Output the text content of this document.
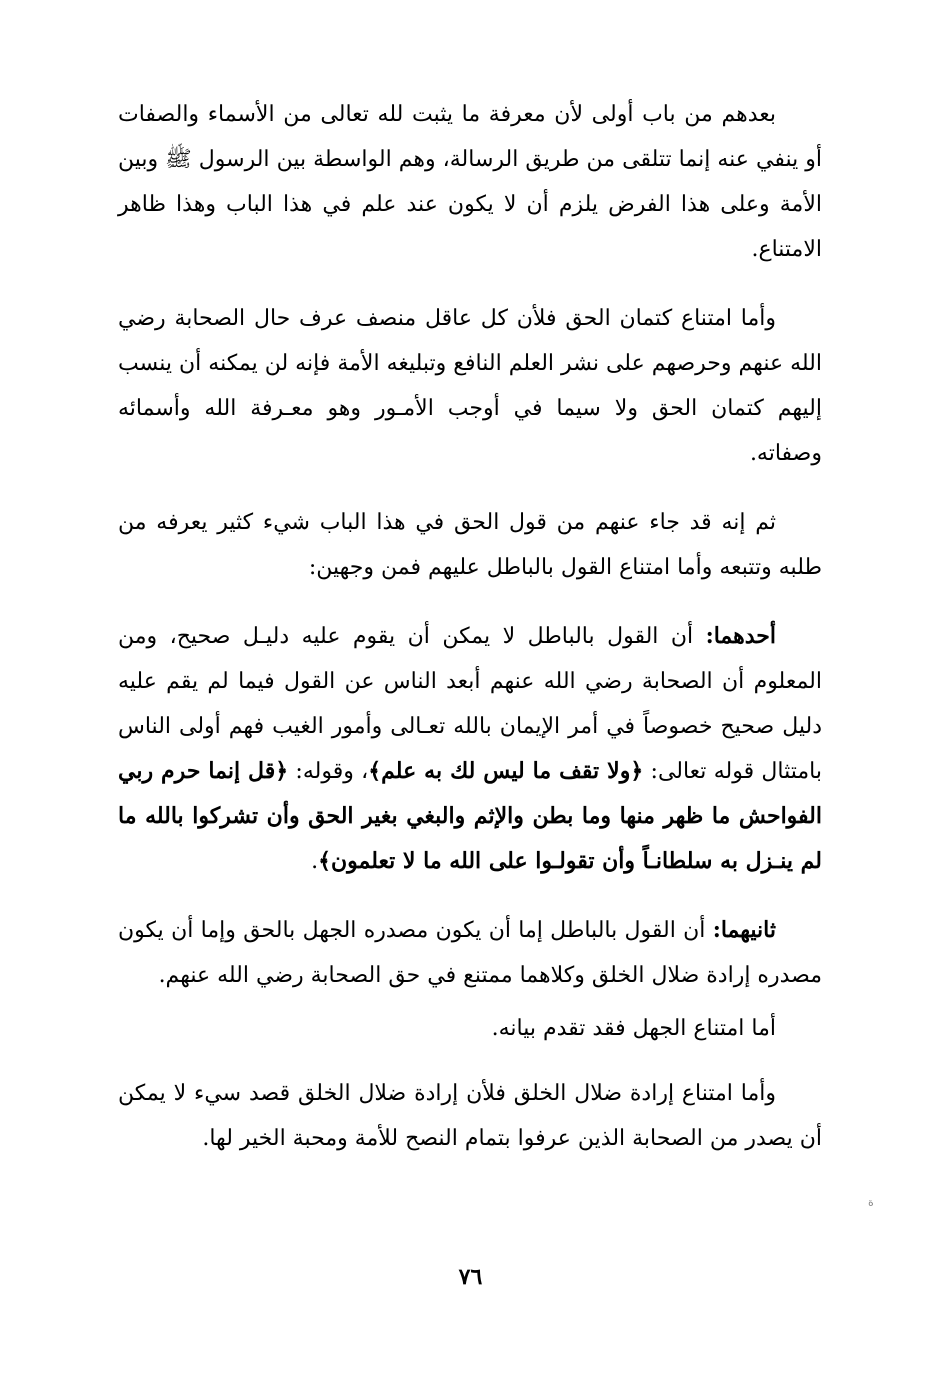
بعدهم من باب أولى لأن معرفة ما يثبت لله تعالى من الأسماء والصفات أو ينفي عنه إنما تتلقى من طريق الرسالة، وهم الواسطة بين الرسول ﷺ وبين الأمة وعلى هذا الفرض يلزم أن لا يكون عند علم في هذا الباب وهذا ظاهر الامتناع.

وأما امتناع كتمان الحق فلأن كل عاقل منصف عرف حال الصحابة رضي الله عنهم وحرصهم على نشر العلم النافع وتبليغه الأمة فإنه لن يمكنه أن ينسب إليهم كتمان الحق ولا سيما في أوجب الأمـور وهو معـرفة الله وأسمائه وصفاته.

ثم إنه قد جاء عنهم من قول الحق في هذا الباب شيء كثير يعرفه من طلبه وتتبعه وأما امتناع القول بالباطل عليهم فمن وجهين:

أحدهما: أن القول بالباطل لا يمكن أن يقوم عليه دليـل صحيح، ومن المعلوم أن الصحابة رضي الله عنهم أبعد الناس عن القول فيما لم يقم عليه دليل صحيح خصوصاً في أمر الإيمان بالله تعـالى وأمور الغيب فهم أولى الناس بامتثال قوله تعالى: ﴿ولا تقف ما ليس لك به علم﴾، وقوله: ﴿قل إنما حرم ربي الفواحش ما ظهر منها وما بطن والإثم والبغي بغير الحق وأن تشركوا بالله ما لم ينـزل به سلطانـاً وأن تقولـوا على الله ما لا تعلمون﴾.

ثانيهما: أن القول بالباطل إما أن يكون مصدره الجهل بالحق وإما أن يكون مصدره إرادة ضلال الخلق وكلاهما ممتنع في حق الصحابة رضي الله عنهم.

أما امتناع الجهل فقد تقدم بيانه.

وأما امتناع إرادة ضلال الخلق فلأن إرادة ضلال الخلق قصد سيء لا يمكن أن يصدر من الصحابة الذين عرفوا بتمام النصح للأمة ومحبة الخير لها.

ة
٧٦
